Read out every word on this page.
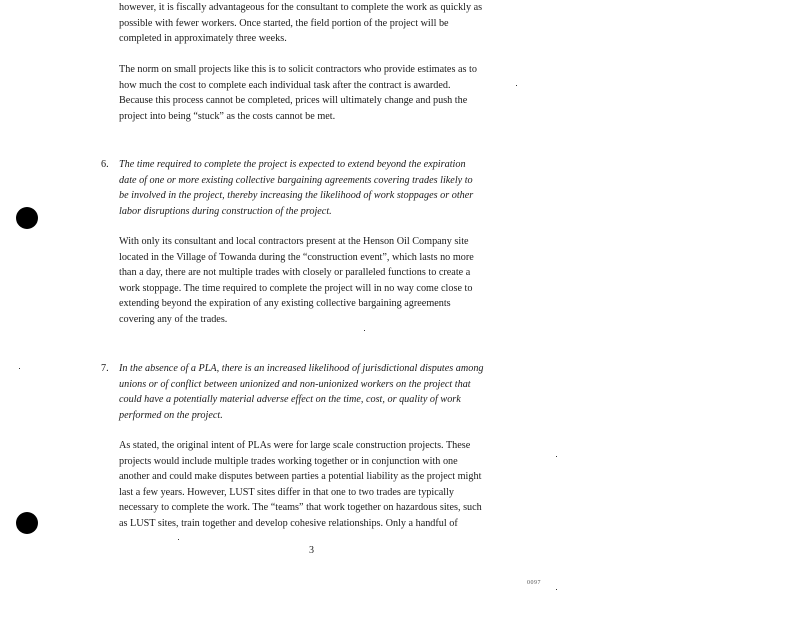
however, it is fiscally advantageous for the consultant to complete the work as quickly as
possible with fewer workers. Once started, the field portion of the project will be
completed in approximately three weeks.

The norm on small projects like this is to solicit contractors who provide estimates as to
how much the cost to complete each individual task after the contract is awarded.
Because this process cannot be completed, prices will ultimately change and push the
project into being “stuck” as the costs cannot be met.

6. The time required to complete the project is expected to extend beyond the expiration
date of one or more existing collective bargaining agreements covering trades likely to
be involved in the project, thereby increasing the likelihood of work stoppages or other
labor disruptions during construction of the project.

With only its consultant and local contractors present at the Henson Oil Company site
located in the Village of Towanda during the “construction event”, which lasts no more
than a day, there are not multiple trades with closely or paralleled functions to create a
work stoppage. The time required to complete the project will in no way come close to
extending beyond the expiration of any existing collective bargaining agreements
covering any of the trades.

7. In the absence of a PLA, there is an increased likelihood of jurisdictional disputes among
unions or of conflict between unionized and non-unionized workers on the project that
could have a potentially material adverse effect on the time, cost, or quality of work
performed on the project.

As stated, the original intent of PLAs were for large scale construction projects. These
projects would include multiple trades working together or in conjunction with one
another and could make disputes between parties a potential liability as the project might
last a few years. However, LUST sites differ in that one to two trades are typically
necessary to complete the work. The “teams” that work together on hazardous sites, such
as LUST sites, train together and develop cohesive relationships. Only a handful of

3
0097
